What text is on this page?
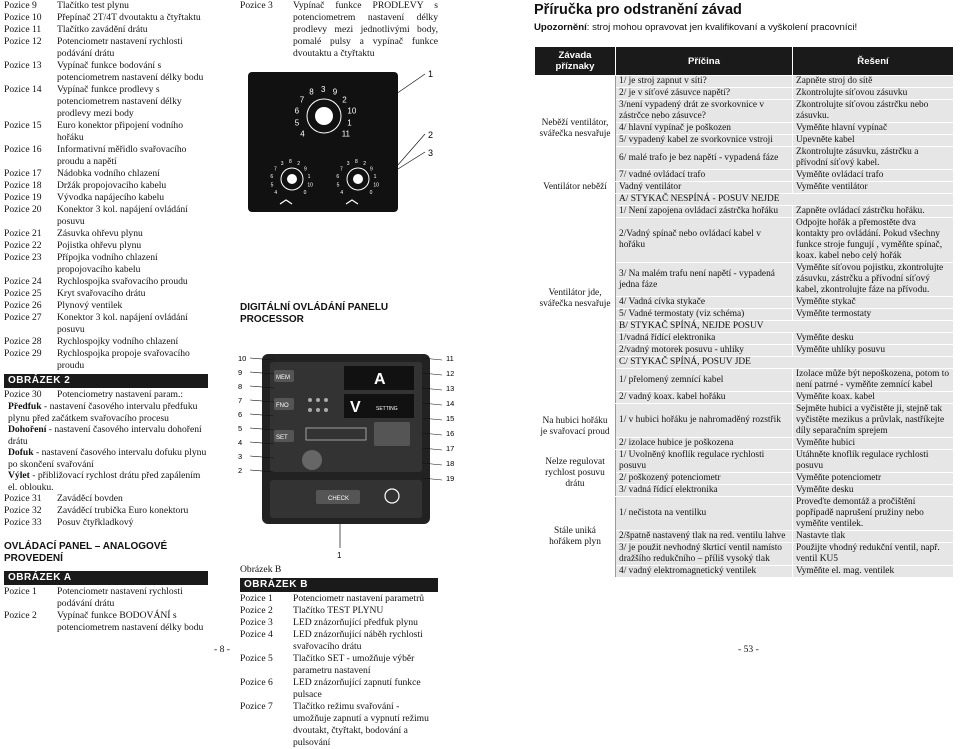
Pozice 9	Tlačítko test plynu
Pozice 10	Přepínač 2T/4T dvoutaktu a čtyřtaktu
Pozice 11	Tlačítko zavádění drátu
Pozice 12	Potenciometr nastavení rychlosti podávání drátu
Pozice 13	Vypínač funkce bodování s potenciometrem nastavení délky bodu
Pozice 14	Vypínač funkce prodlevy s potenciometrem nastavení délky prodlevy mezi body
Pozice 15	Euro konektor připojení vodního hořáku
Pozice 16	Informativní měřidlo svařovacího proudu a napětí
Pozice 17	Nádobka vodního chlazení
Pozice 18	Držák propojovacího kabelu
Pozice 19	Vývodka napájecího kabelu
Pozice 20	Konektor 3 kol. napájení ovládání posuvu
Pozice 21	Zásuvka ohřevu plynu
Pozice 22	Pojistka ohřevu plynu
Pozice 23	Přípojka vodního chlazení propojovacího kabelu
Pozice 24	Rychlospojka svařovacího proudu
Pozice 25	Kryt svařovacího drátu
Pozice 26	Plynový ventilek
Pozice 27	Konektor 3 kol. napájení ovládání posuvu
Pozice 28	Rychlospojky vodního chlazení
Pozice 29	Rychlospojka propoje svařovacího proudu
OBRÁZEK 2
Pozice 30	Potenciometry nastavení param.:
Předfuk - nastavení časového intervalu předfuku plynu před začátkem svařovacího procesu
Dohoření - nastavení časového intervalu dohoření drátu
Dofuk - nastavení časového intervalu dofuku plynu po skončení svařování
Výlet - přibližovací rychlost drátu před zapálením el. oblouku.
Pozice 31	Zaváděcí bovden
Pozice 32	Zaváděcí trubička Euro konektoru
Pozice 33	Posuv čtyřkladkový
OVLÁDACÍ PANEL – ANALOGOVÉ PROVEDENÍ
OBRÁZEK A
Pozice 1	Potenciometr nastavení rychlosti podávání drátu
Pozice 2	Vypínač funkce BODOVÁNÍ s potenciometrem nastavení délky bodu
- 8 -
Pozice 3	Vypínač funkce PRODLEVY s potenciometrem nastavení délky prodlevy mezi jednotlivými body, pomalé pulsy a vypínač funkce dvoutaktu a čtyřtaktu
1
2
3
4
5
6
7
8 3 9
2
10
1
11
4
5
6
7
3 8 2
9
1
10
0	4
5
6
7
3 8 2
9
1
10
0
DIGITÁLNÍ OVLÁDÁNÍ PANELU PROCESSOR
MEM
FNO
SET
A
V	SETTING
CHECK
10
9
8
7
6
5
4
3
2
11
12
13
14
15
16
17
18
19
1
Obrázek B
OBRÁZEK B
Pozice 1	Potenciometr nastavení parametrů
Pozice 2	Tlačítko TEST PLYNU
Pozice 3	LED znázorňující předfuk plynu
Pozice 4	LED znázorňující náběh rychlosti svařovacího drátu
Pozice 5	Tlačítko SET - umožňuje výběr parametru nastavení
Pozice 6	LED znázorňující zapnutí funkce pulsace
Pozice 7	Tlačítko režimu svařování - umožňuje zapnutí a vypnutí režimu dvoutakt, čtyřtakt, bodování a pulsování
Příručka pro odstranění závad
Upozornění: stroj mohou opravovat jen kvalifikovaní a vyškolení pracovníci!
Závada příznaky	Příčina	Řešení
Neběží ventilátor, svářečka nesvařuje	1/ je stroj zapnut v síti?	Zapněte stroj do sítě
	2/ je v síťové zásuvce napětí?	Zkontrolujte síťovou zásuvku
	3/není vypadený drát ze svorkovnice v zástrčce nebo zásuvce?	Zkontrolujte síťovou zástrčku nebo zásuvku.
	4/ hlavní vypínač je poškozen	Vyměňte hlavní vypínač
	5/ vypadený kabel ze svorkovnice vstroji	Upevněte kabel
	6/ malé trafo je bez napětí - vypadená fáze	Zkontrolujte zásuvku, zástrčku a přívodní síťový kabel.
	7/ vadné ovládací trafo	Vyměňte ovládací trafo
Ventilátor neběží	Vadný ventilátor	Vyměňte ventilátor
Ventilátor jde, svářečka nesvařuje	A/ STYKAČ NESPÍNÁ - POSUV NEJDE	
	1/ Není zapojena ovládací zástrčka hořáku	Zapněte ovládací zástrčku hořáku.
	2/Vadný spínač nebo ovládací kabel v hořáku	Odpojte hořák a přemostěte dva kontakty pro ovládání. Pokud všechny funkce stroje fungují , vyměňte spínač, koax. kabel nebo celý hořák
	3/ Na malém trafu není napětí - vypadená jedna fáze	Vyměňte síťovou pojistku, zkontrolujte zásuvku, zástrčku a přívodní síťový kabel, zkontrolujte fáze na přívodu.
	4/ Vadná cívka stykače	Vyměňte stykač
	5/ Vadné termostaty (viz schéma)	Vyměňte termostaty
	B/ STYKAČ SPÍNÁ, NEJDE POSUV	
	1/vadná řídící elektronika	Vyměňte desku
	2/vadný motorek posuvu - uhlíky	Vyměňte uhlíky posuvu
	C/ STYKAČ SPÍNÁ, POSUV JDE	
	1/ přelomený zemnící kabel	Izolace může být nepoškozena, potom to není patrné - vyměňte zemnící kabel
	2/ vadný koax. kabel hořáku	Vyměňte koax. kabel
Na hubici hořáku je svařovací proud	1/ v hubici hořáku je nahromaděný rozstřik	Sejměte hubici a vyčistěte ji, stejně tak vyčistěte mezikus a průvlak, nastříkejte díly separačním sprejem
	2/ izolace hubice je poškozena	Vyměňte hubici
Nelze regulovat rychlost posuvu drátu	1/ Uvolněný knoflík regulace rychlosti posuvu	Utáhněte knoflík regulace rychlosti posuvu
	2/ poškozený potenciometr	Vyměňte potenciometr
	3/ vadná řídící elektronika	Vyměňte desku
Stále uniká hořákem plyn	1/ nečistota na ventilku	Proveďte demontáž a pročištění popřípadě naprušení pružiny nebo vyměňte ventilek.
	2/špatně nastavený tlak na red. ventilu lahve	Nastavte tlak
	3/ je použit nevhodný škrticí ventil namísto dražšího redukčního – příliš vysoký tlak	Použijte vhodný redukční ventil, např. ventil KU5
	4/ vadný elektromagnetický ventilek	Vyměňte el. mag. ventilek
- 53 -
